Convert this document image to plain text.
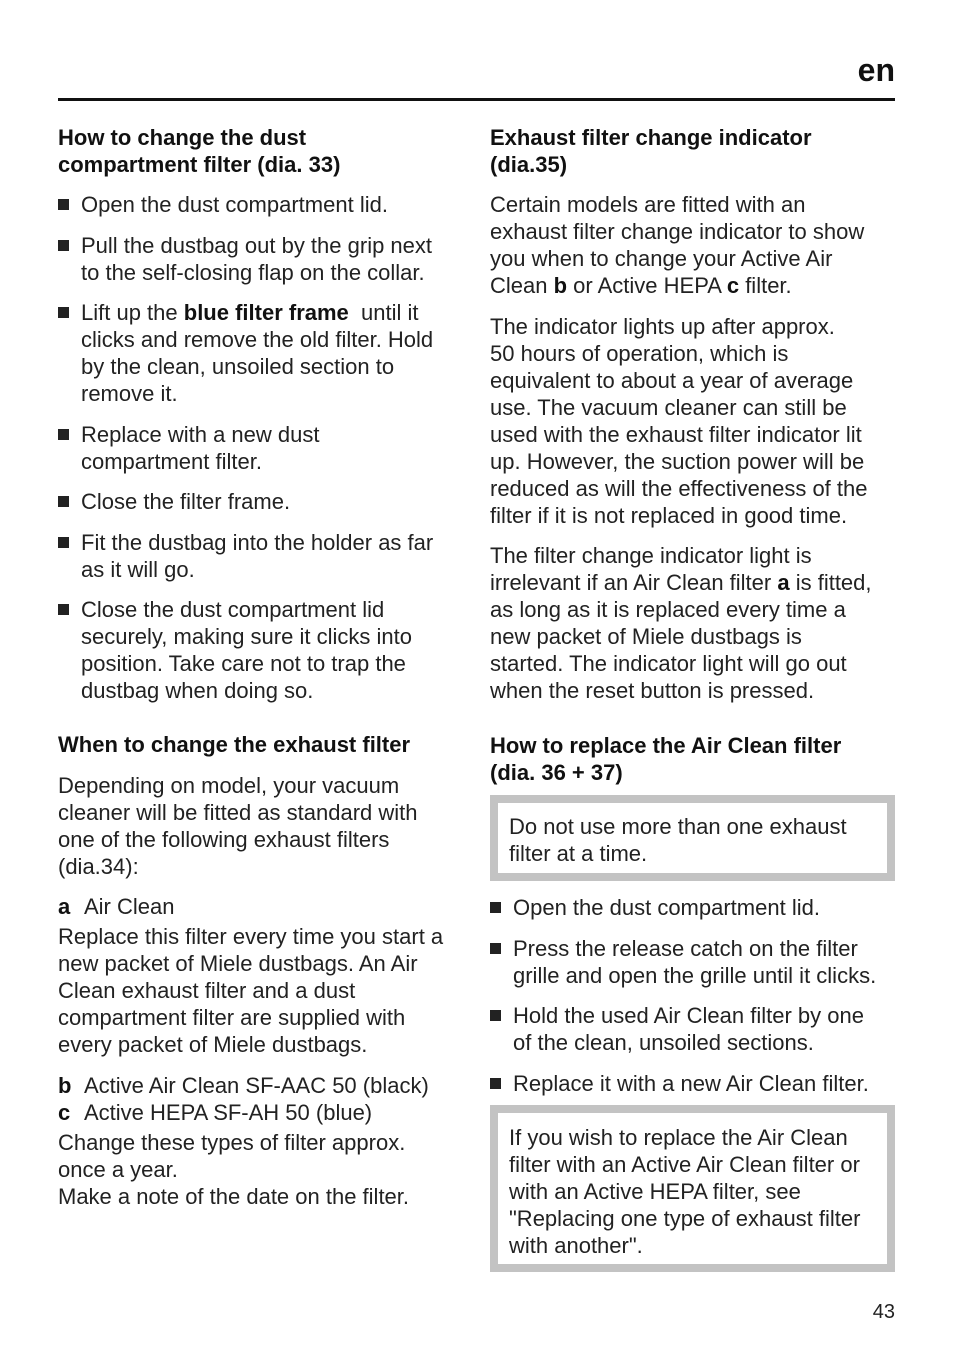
en
How to change the dust
compartment filter (dia. 33)
Open the dust compartment lid.
Pull the dustbag out by the grip next
to the self-closing flap on the collar.
Lift up the blue filter frame  until it
clicks and remove the old filter. Hold
by the clean, unsoiled section to
remove it.
Replace with a new dust
compartment filter.
Close the filter frame.
Fit the dustbag into the holder as far
as it will go.
Close the dust compartment lid
securely, making sure it clicks into
position. Take care not to trap the
dustbag when doing so.
When to change the exhaust filter

Depending on model, your vacuum
cleaner will be fitted as standard with
one of the following exhaust filters
(dia.34):

a Air Clean

Replace this filter every time you start a
new packet of Miele dustbags. An Air
Clean exhaust filter and a dust
compartment filter are supplied with
every packet of Miele dustbags.

b Active Air Clean SF-AAC 50 (black)

c Active HEPA SF-AH 50 (blue)

Change these types of filter approx.
once a year.
Make a note of the date on the filter.

Exhaust filter change indicator
(dia.35)

Certain models are fitted with an
exhaust filter change indicator to show
you when to change your Active Air
Clean b or Active HEPA c filter.

The indicator lights up after approx.
50 hours of operation, which is
equivalent to about a year of average
use. The vacuum cleaner can still be
used with the exhaust filter indicator lit
up. However, the suction power will be
reduced as will the effectiveness of the
filter if it is not replaced in good time.

The filter change indicator light is
irrelevant if an Air Clean filter a is fitted,
as long as it is replaced every time a
new packet of Miele dustbags is
started. The indicator light will go out
when the reset button is pressed.

How to replace the Air Clean filter
(dia. 36 + 37)
Do not use more than one exhaust
filter at a time.
Open the dust compartment lid.
Press the release catch on the filter
grille and open the grille until it clicks.
Hold the used Air Clean filter by one
of the clean, unsoiled sections.
Replace it with a new Air Clean filter.
If you wish to replace the Air Clean
filter with an Active Air Clean filter or
with an Active HEPA filter, see
"Replacing one type of exhaust filter
with another".
43
